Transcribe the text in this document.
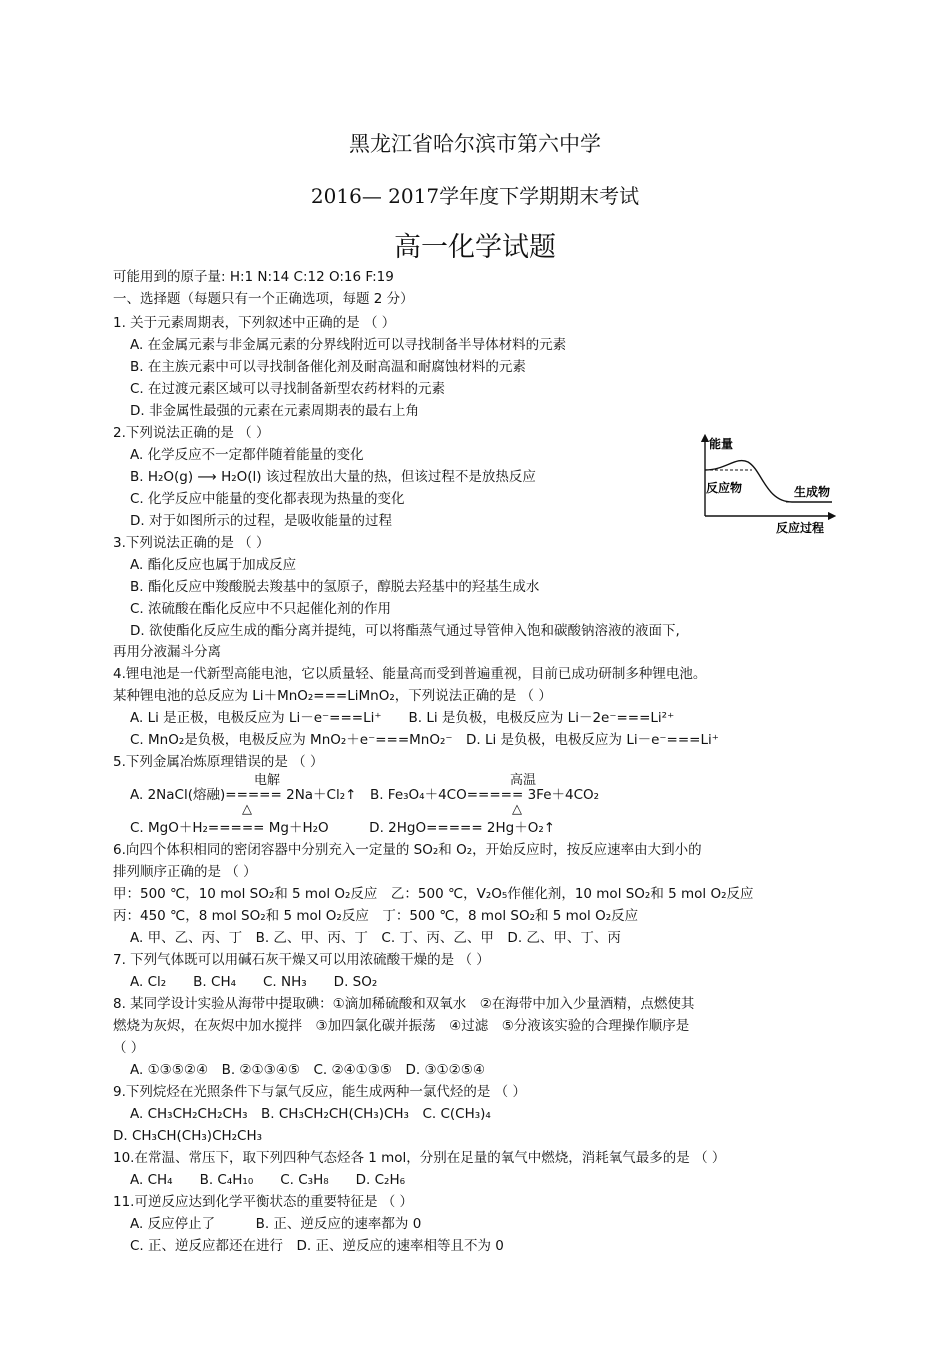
黑龙江省哈尔滨市第六中学
2016— 2017学年度下学期期末考试
高一化学试题
可能用到的原子量: H:1 N:14 C:12 O:16 F:19
一、选择题（每题只有一个正确选项，每题 2 分）
1. 关于元素周期表，下列叙述中正确的是 （ ）
A. 在金属元素与非金属元素的分界线附近可以寻找制备半导体材料的元素
B. 在主族元素中可以寻找制备催化剂及耐高温和耐腐蚀材料的元素
C. 在过渡元素区域可以寻找制备新型农药材料的元素
D. 非金属性最强的元素在元素周期表的最右上角
2.下列说法正确的是 （ ）
A. 化学反应不一定都伴随着能量的变化
B. H₂O(g) ⟶ H₂O(l) 该过程放出大量的热，但该过程不是放热反应
C. 化学反应中能量的变化都表现为热量的变化
D. 对于如图所示的过程，是吸收能量的过程
能量
反应物	生成物
反应过程
3.下列说法正确的是 （ ）
A. 酯化反应也属于加成反应
B. 酯化反应中羧酸脱去羧基中的氢原子，醇脱去羟基中的羟基生成水
C. 浓硫酸在酯化反应中不只起催化剂的作用
D. 欲使酯化反应生成的酯分离并提纯，可以将酯蒸气通过导管伸入饱和碳酸钠溶液的液面下,
再用分液漏斗分离
4.锂电池是一代新型高能电池，它以质量轻、能量高而受到普遍重视，目前已成功研制多种锂电池。
某种锂电池的总反应为 Li＋MnO₂===LiMnO₂，下列说法正确的是 （ ）
A. Li 是正极，电极反应为 Li－e⁻===Li⁺　　B. Li 是负极，电极反应为 Li－2e⁻===Li²⁺
C. MnO₂是负极，电极反应为 MnO₂＋e⁻===MnO₂⁻　D. Li 是负极，电极反应为 Li－e⁻===Li⁺
5.下列金属冶炼原理错误的是 （ ）
电解	高温
A. 2NaCl(熔融)===== 2Na＋Cl₂↑　B. Fe₃O₄＋4CO===== 3Fe＋4CO₂
△	△
C. MgO＋H₂===== Mg＋H₂O　　　D. 2HgO===== 2Hg＋O₂↑
6.向四个体积相同的密闭容器中分别充入一定量的 SO₂和 O₂，开始反应时，按反应速率由大到小的
排列顺序正确的是 （ ）
甲：500 ℃，10 mol SO₂和 5 mol O₂反应　乙：500 ℃，V₂O₅作催化剂，10 mol SO₂和 5 mol O₂反应
丙：450 ℃，8 mol SO₂和 5 mol O₂反应　丁：500 ℃，8 mol SO₂和 5 mol O₂反应
A. 甲、乙、丙、丁　B. 乙、甲、丙、丁　C. 丁、丙、乙、甲　D. 乙、甲、丁、丙
7. 下列气体既可以用碱石灰干燥又可以用浓硫酸干燥的是 （ ）
A. Cl₂　　B. CH₄　　C. NH₃　　D. SO₂
8. 某同学设计实验从海带中提取碘：①滴加稀硫酸和双氧水　②在海带中加入少量酒精，点燃使其
燃烧为灰烬，在灰烬中加水搅拌　③加四氯化碳并振荡　④过滤　⑤分液该实验的合理操作顺序是
（ ）
A. ①③⑤②④　B. ②①③④⑤　C. ②④①③⑤　D. ③①②⑤④
9.下列烷烃在光照条件下与氯气反应，能生成两种一氯代烃的是 （ ）
A. CH₃CH₂CH₂CH₃　B. CH₃CH₂CH(CH₃)CH₃　C. C(CH₃)₄
D. CH₃CH(CH₃)CH₂CH₃
10.在常温、常压下，取下列四种气态烃各 1 mol，分别在足量的氧气中燃烧，消耗氧气最多的是 （ ）
A. CH₄　　B. C₄H₁₀　　C. C₃H₈　　D. C₂H₆
11.可逆反应达到化学平衡状态的重要特征是 （ ）
A. 反应停止了　　　B. 正、逆反应的速率都为 0
C. 正、逆反应都还在进行　D. 正、逆反应的速率相等且不为 0
